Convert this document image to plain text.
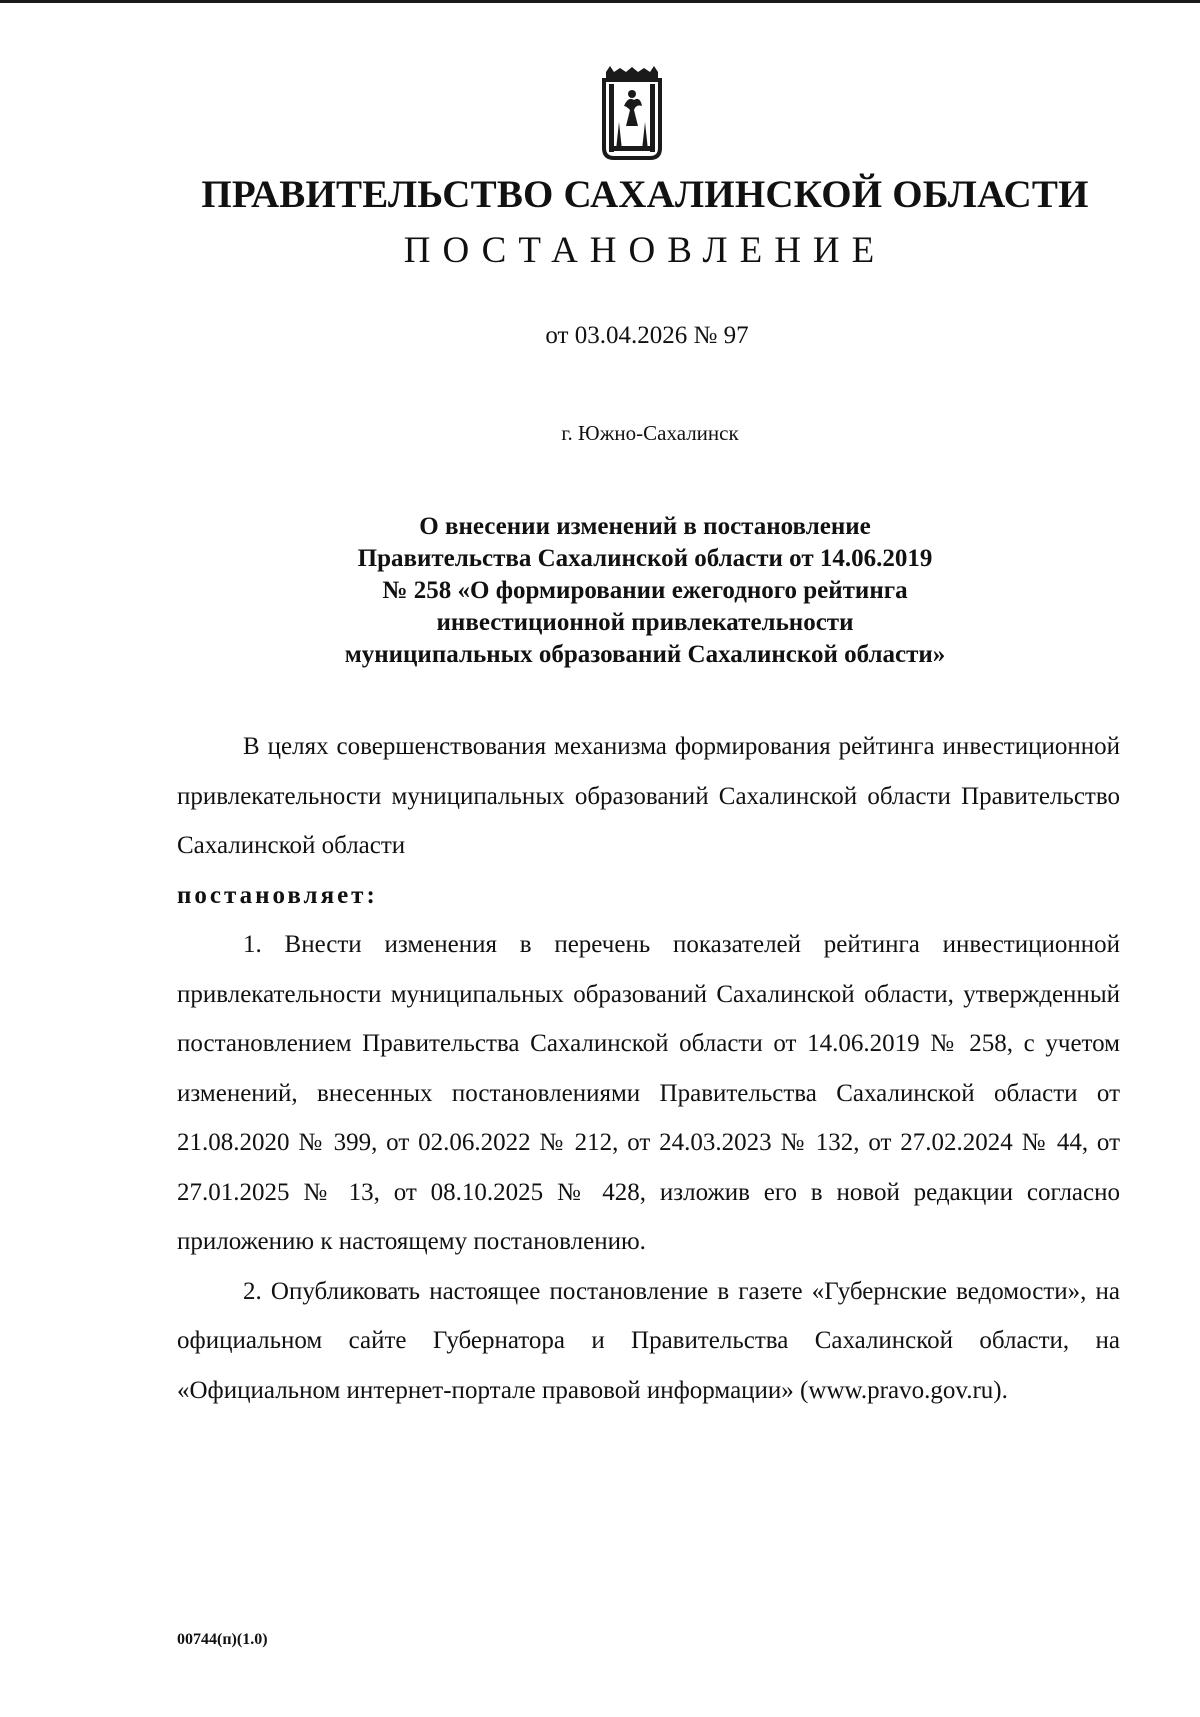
ПРАВИТЕЛЬСТВО САХАЛИНСКОЙ ОБЛАСТИ
ПОСТАНОВЛЕНИЕ
от 03.04.2026 № 97
г. Южно-Сахалинск
О внесении изменений в постановление
Правительства Сахалинской области от 14.06.2019
№ 258 «О формировании ежегодного рейтинга
инвестиционной привлекательности
муниципальных образований Сахалинской области»

В целях совершенствования механизма формирования рейтинга инвестиционной привлекательности муниципальных образований Сахалинской области Правительство Сахалинской области

постановляет:

1. Внести изменения в перечень показателей рейтинга инвестиционной привлекательности муниципальных образований Сахалинской области, утвержденный постановлением Правительства Сахалинской области от 14.06.2019 № 258, с учетом изменений, внесенных постановлениями Правительства Сахалинской области от 21.08.2020 № 399, от 02.06.2022 № 212, от 24.03.2023 № 132, от 27.02.2024 № 44, от 27.01.2025 № 13, от 08.10.2025 № 428, изложив его в новой редакции согласно приложению к настоящему постановлению.

2. Опубликовать настоящее постановление в газете «Губернские ведомости», на официальном сайте Губернатора и Правительства Сахалинской области, на «Официальном интернет-портале правовой информации» (www.pravo.gov.ru).

00744(п)(1.0)
